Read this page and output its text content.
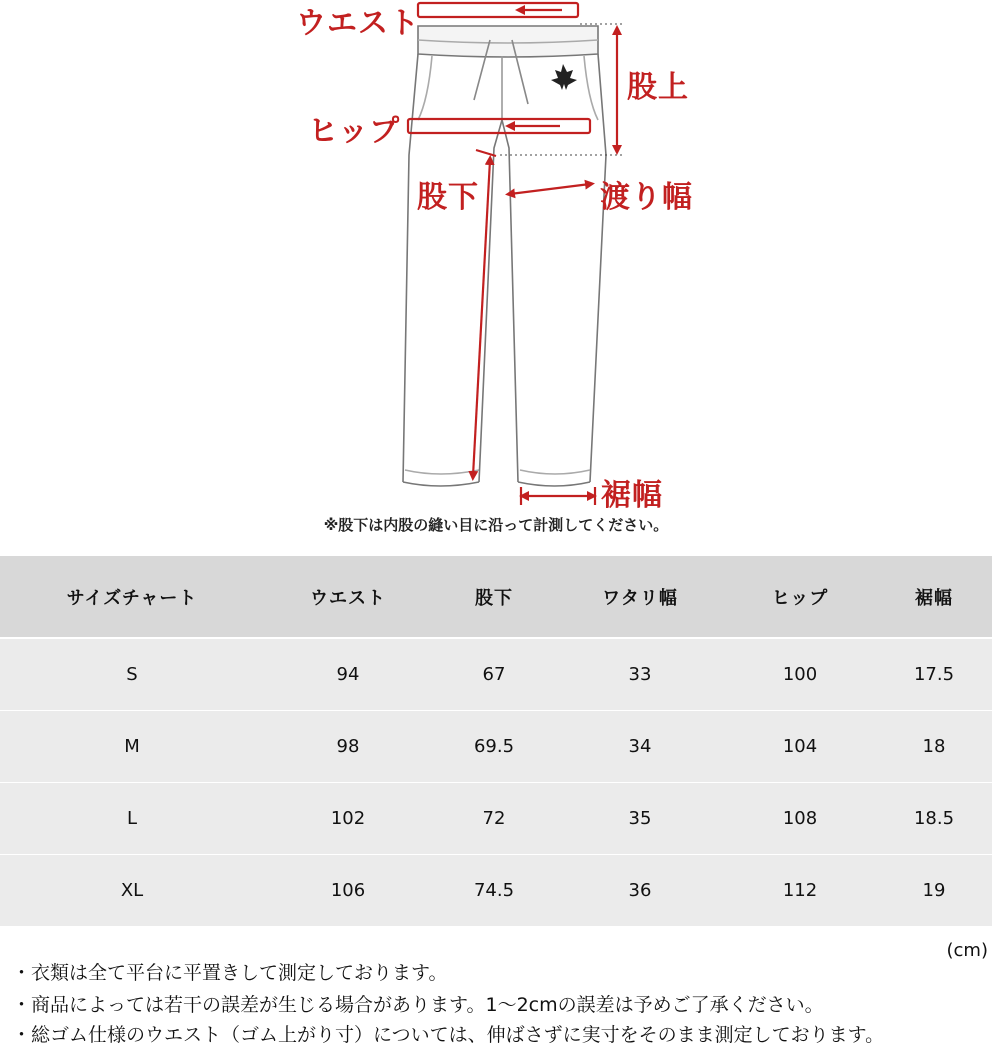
ウエスト
股上
ヒップ
股下	渡り幅
裾幅
※股下は内股の縫い目に沿って計測してください。
サイズチャート	ウエスト	股下	ワタリ幅	ヒップ	裾幅
S	94	67	33	100	17.5
M	98	69.5	34	104	18
L	102	72	35	108	18.5
XL	106	74.5	36	112	19
(cm)
・衣類は全て平台に平置きして測定しております。
・商品によっては若干の誤差が生じる場合があります。1〜2cmの誤差は予めご了承ください。
・総ゴム仕様のウエスト（ゴム上がり寸）については、伸ばさずに実寸をそのまま測定しております。
